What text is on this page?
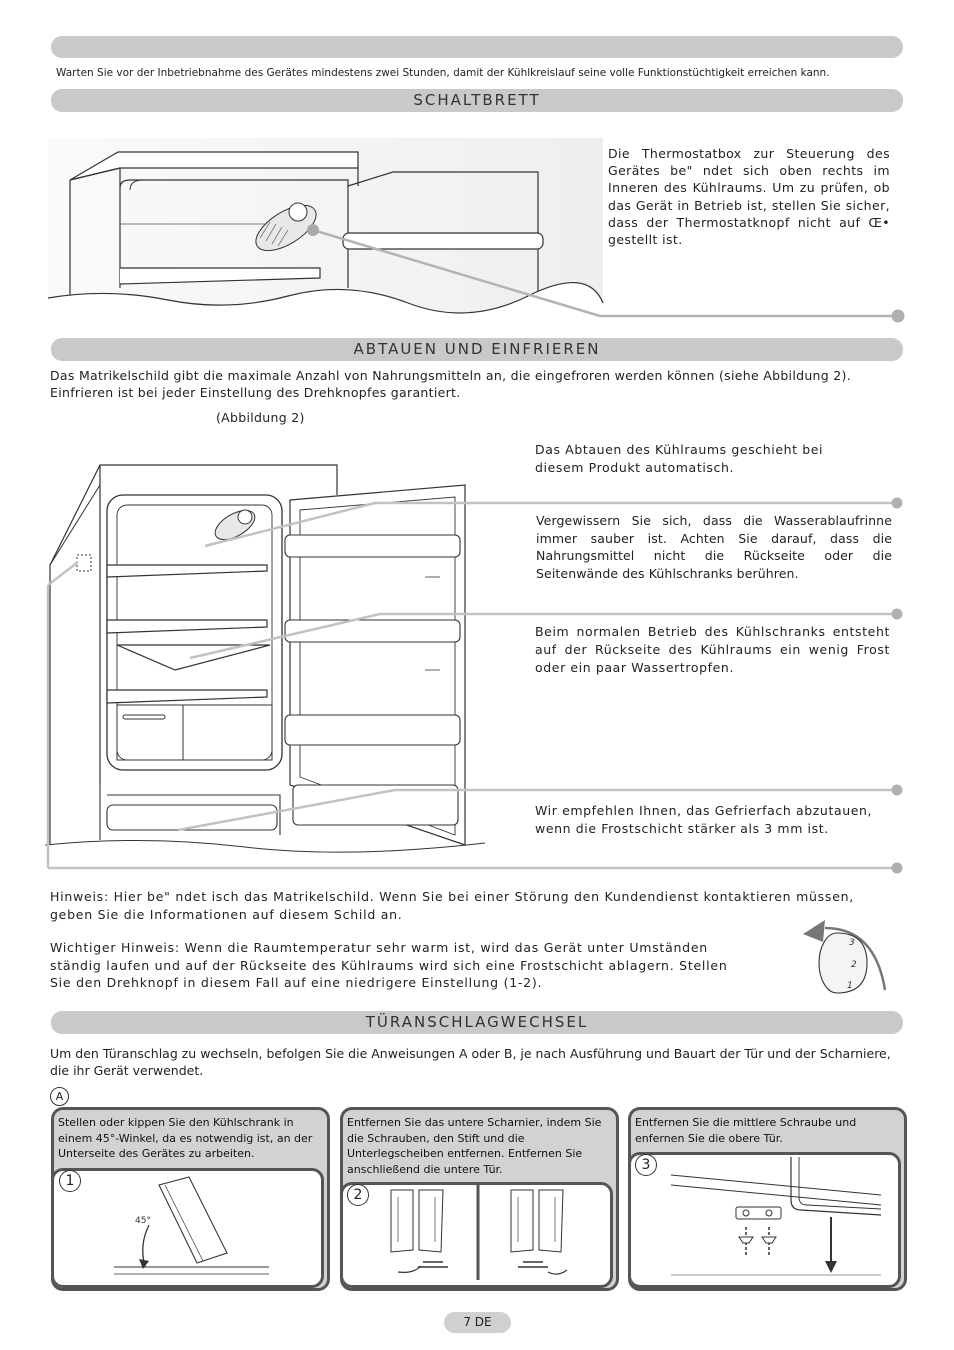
Warten Sie vor der Inbetriebnahme des Gerätes mindestens zwei Stunden, damit der Kühlkreislauf seine volle Funktionstüchtigkeit erreichen kann.
SCHALTBRETT
Die Thermostatbox zur Steuerung des Gerätes be" ndet sich oben rechts im Inneren des Kühlraums. Um zu prüfen, ob das Gerät in Betrieb ist, stellen Sie sicher, dass der Thermostatknopf nicht auf Œ• gestellt ist.
ABTAUEN UND EINFRIEREN
Das Matrikelschild gibt die maximale Anzahl von Nahrungsmitteln an, die eingefroren werden können (siehe Abbildung 2).
Einfrieren ist bei jeder Einstellung des Drehknopfes garantiert.
(Abbildung 2)
Das Abtauen des Kühlraums geschieht bei diesem Produkt automatisch.
Vergewissern Sie sich, dass die Wasserablaufrinne immer sauber ist. Achten Sie darauf, dass die Nahrungsmittel nicht die Rückseite oder die Seitenwände des Kühlschranks berühren.
Beim normalen Betrieb des Kühlschranks entsteht auf der Rückseite des Kühlraums ein wenig Frost oder ein paar Wassertropfen.
Wir empfehlen Ihnen, das Gefrierfach abzutauen, wenn die Frostschicht stärker als 3 mm ist.
Hinweis: Hier be" ndet isch das Matrikelschild. Wenn Sie bei einer Störung den Kundendienst kontaktieren müssen, geben Sie die Informationen auf diesem Schild an.
Wichtiger Hinweis: Wenn die Raumtemperatur sehr warm ist, wird das Gerät unter Umständen ständig laufen und auf der Rückseite des Kühlraums wird sich eine Frostschicht ablagern. Stellen Sie den Drehknopf in diesem Fall auf eine niedrigere Einstellung (1-2).
3
2
1
TÜRANSCHLAGWECHSEL
Um den Türanschlag zu wechseln, befolgen Sie die Anweisungen A oder B, je nach Ausführung und Bauart der Tür und der Scharniere, die ihr Gerät verwendet.
A
Stellen oder kippen Sie den Kühlschrank in einem 45°-Winkel, da es notwendig ist, an der Unterseite des Gerätes zu arbeiten.
1
45°
Entfernen Sie das untere Scharnier, indem Sie die Schrauben, den Stift und die Unterlegscheiben entfernen. Entfernen Sie anschließend die untere Tür.
2
Entfernen Sie die mittlere Schraube und enfernen Sie die obere Tür.
3
7 DE
